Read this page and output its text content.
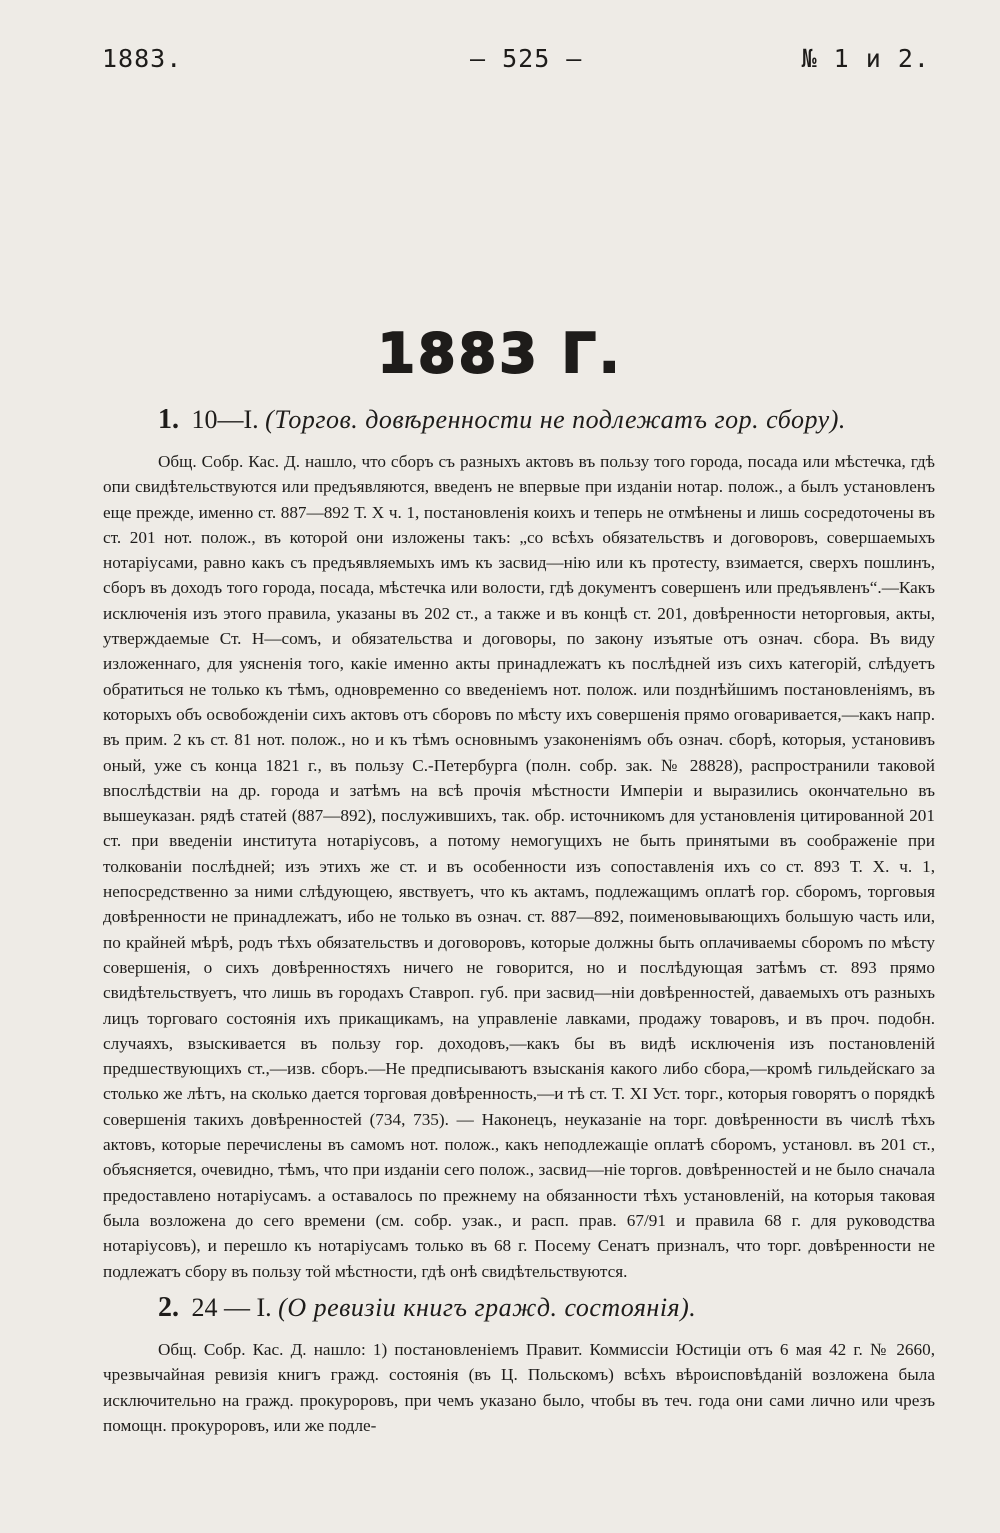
1883.	— 525 —	№ 1 и 2.
1883 Г.
1. 10—I. (Торгов. довѣренности не подлежатъ гор. сбору).

Общ. Собр. Кас. Д. нашло, что сборъ съ разныхъ актовъ въ пользу того города, посада или мѣстечка, гдѣ опи свидѣтельствуются или предъявляются, введенъ не впервые при изданіи нотар. полож., а былъ установленъ еще прежде, именно ст. 887—892 Т. X ч. 1, постановленія коихъ и теперь не отмѣнены и лишь сосредоточены въ ст. 201 нот. полож., въ которой они изложены такъ: „со всѣхъ обязательствъ и договоровъ, совершаемыхъ нотаріусами, равно какъ съ предъявляемыхъ имъ къ засвид—нію или къ протесту, взимается, сверхъ пошлинъ, сборъ въ доходъ того города, посада, мѣстечка или волости, гдѣ документъ совершенъ или предъявленъ“.—Какъ исключенія изъ этого правила, указаны въ 202 ст., а также и въ концѣ ст. 201, довѣренности неторговыя, акты, утверждаемые Ст. Н—сомъ, и обязательства и договоры, по закону изъятые отъ означ. сбора. Въ виду изложеннаго, для уясненія того, какіе именно акты принадлежатъ къ послѣдней изъ сихъ категорій, слѣдуетъ обратиться не только къ тѣмъ, одновременно со введеніемъ нот. полож. или позднѣйшимъ постановленіямъ, въ которыхъ объ освобожденіи сихъ актовъ отъ сборовъ по мѣсту ихъ совершенія прямо оговаривается,—какъ напр. въ прим. 2 къ ст. 81 нот. полож., но и къ тѣмъ основнымъ узаконеніямъ объ означ. сборѣ, которыя, установивъ оный, уже съ конца 1821 г., въ пользу С.-Петербурга (полн. собр. зак. № 28828), распространили таковой впослѣдствіи на др. города и затѣмъ на всѣ прочія мѣстности Имперіи и выразились окончательно въ вышеуказан. рядѣ статей (887—892), послужившихъ, так. обр. источникомъ для установленія цитированной 201 ст. при введеніи института нотаріусовъ, а потому немогущихъ не быть принятыми въ соображеніе при толкованіи послѣдней; изъ этихъ же ст. и въ особенности изъ сопоставленія ихъ со ст. 893 Т. X. ч. 1, непосредственно за ними слѣдующею, явствуетъ, что къ актамъ, подлежащимъ оплатѣ гор. сборомъ, торговыя довѣренности не принадлежатъ, ибо не только въ означ. ст. 887—892, поименовывающихъ большую часть или, по крайней мѣрѣ, родъ тѣхъ обязательствъ и договоровъ, которые должны быть оплачиваемы сборомъ по мѣсту совершенія, о сихъ довѣренностяхъ ничего не говорится, но и послѣдующая затѣмъ ст. 893 прямо свидѣтельствуетъ, что лишь въ городахъ Ставроп. губ. при засвид—ніи довѣренностей, даваемыхъ отъ разныхъ лицъ торговаго состоянія ихъ прикащикамъ, на управленіе лавками, продажу товаровъ, и въ проч. подобн. случаяхъ, взыскивается въ пользу гор. доходовъ,—какъ бы въ видѣ исключенія изъ постановленій предшествующихъ ст.,—изв. сборъ.—Не предписываютъ взысканія какого либо сбора,—кромѣ гильдейскаго за столько же лѣтъ, на сколько дается торговая довѣренность,—и тѣ ст. Т. XI Уст. торг., которыя говорятъ о порядкѣ совершенія такихъ довѣренностей (734, 735). — Наконецъ, неуказаніе на торг. довѣренности въ числѣ тѣхъ актовъ, которые перечислены въ самомъ нот. полож., какъ неподлежащіе оплатѣ сборомъ, установл. въ 201 ст., объясняется, очевидно, тѣмъ, что при изданіи сего полож., засвид—ніе торгов. довѣренностей и не было сначала предоставлено нотаріусамъ. а оставалось по прежнему на обязанности тѣхъ установленій, на которыя таковая была возложена до сего времени (см. собр. узак., и расп. прав. 67/91 и правила 68 г. для руководства нотаріусовъ), и перешло къ нотаріусамъ только въ 68 г. Посему Сенатъ призналъ, что торг. довѣренности не подлежатъ сбору въ пользу той мѣстности, гдѣ онѣ свидѣтельствуются.

2. 24 — I. (О ревизіи книгъ гражд. состоянія).

Общ. Собр. Кас. Д. нашло: 1) постановленіемъ Правит. Коммиссіи Юстиціи отъ 6 мая 42 г. № 2660, чрезвычайная ревизія книгъ гражд. состоянія (въ Ц. Польскомъ) всѣхъ вѣроисповѣданій возложена была исключительно на гражд. прокуроровъ, при чемъ указано было, чтобы въ теч. года они сами лично или чрезъ помощн. прокуроровъ, или же подле-
